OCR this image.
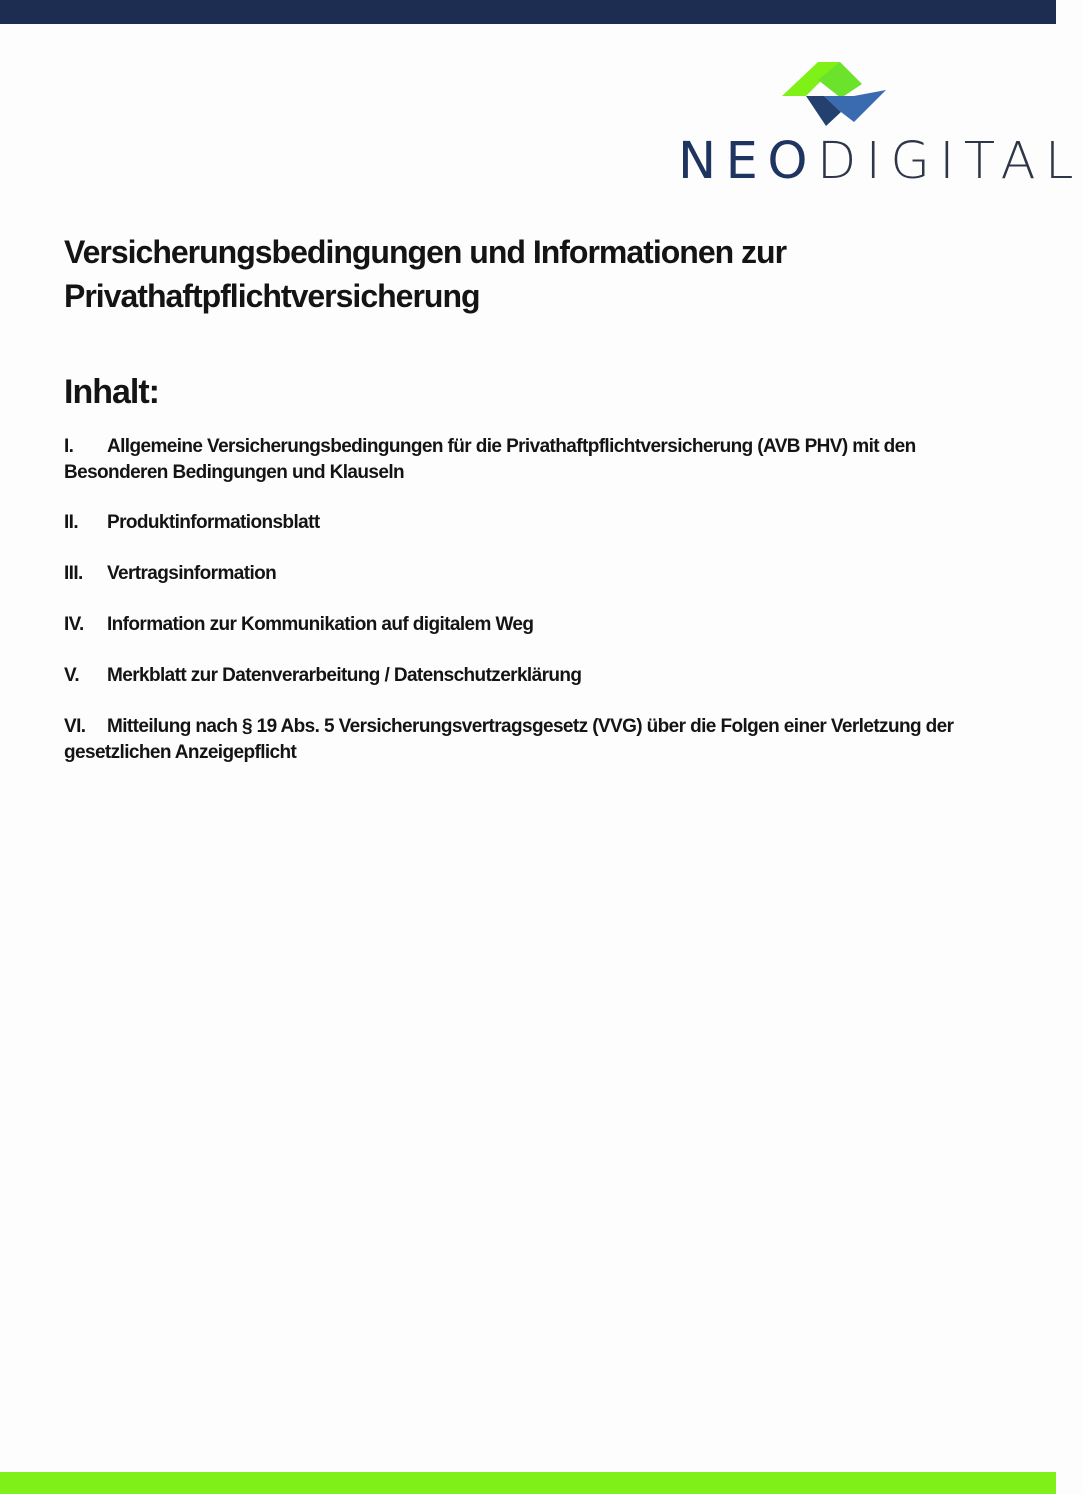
NEODIGITAL
Versicherungsbedingungen und Informationen zur
Privathaftpflichtversicherung
Inhalt:
I. Allgemeine Versicherungsbedingungen für die Privathaftpflichtversicherung (AVB PHV) mit den
Besonderen Bedingungen und Klauseln
II. Produktinformationsblatt
III. Vertragsinformation
IV. Information zur Kommunikation auf digitalem Weg
V. Merkblatt zur Datenverarbeitung / Datenschutzerklärung
VI. Mitteilung nach § 19 Abs. 5 Versicherungsvertragsgesetz (VVG) über die Folgen einer Verletzung der
gesetzlichen Anzeigepflicht
